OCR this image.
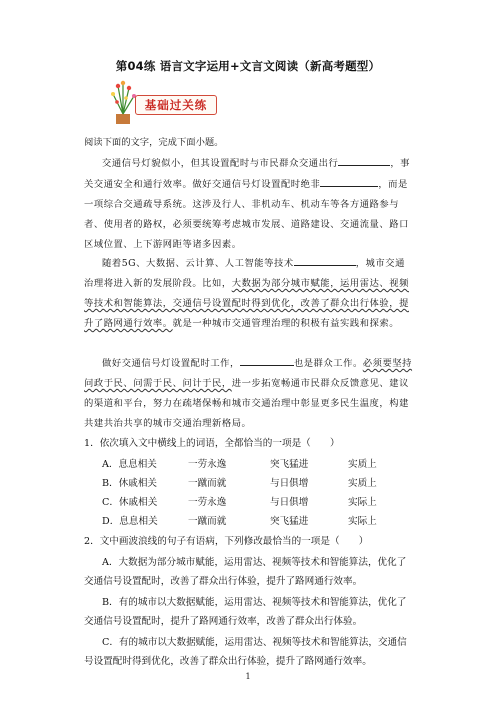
第04练 语言文字运用+文言文阅读（新高考题型）
基础过关练

阅读下面的文字，完成下面小题。

交通信号灯貌似小，但其设置配时与市民群众交通出行	，事关交通安全和通行效率。做好交通信号灯设置配时绝非	，而是一项综合交通疏导系统。这涉及行人、非机动车、机动车等各方通路参与者、使用者的路权，必须要统筹考虑城市发展、道路建设、交通流量、路口区域位置、上下游网距等诸多因素。

随着5G、大数据、云计算、人工智能等技术	，城市交通治理将进入新的发展阶段。比如，大数据为部分城市赋能，运用雷达、视频等技术和智能算法，交通信号设置配时得到优化，改善了群众出行体验，提升了路网通行效率。就是一种城市交通管理治理的积极有益实践和探索。

做好交通信号灯设置配时工作，	也是群众工作。必须要坚持问政于民、问需于民、问计于民，进一步拓宽畅通市民群众反馈意见、建议的渠道和平台，努力在疏堵保畅和城市交通治理中彰显更多民生温度，构建共建共治共享的城市交通治理新格局。

1．依次填入文中横线上的词语，全都恰当的一项是（　　）

A．息息相关	一劳永逸	突飞猛进	实质上
B．休戚相关	一蹴而就	与日俱增	实质上
C．休戚相关	一劳永逸	与日俱增	实际上
D．息息相关	一蹴而就	突飞猛进	实际上

2．文中画波浪线的句子有语病，下列修改最恰当的一项是（　　）

A．大数据为部分城市赋能，运用雷达、视频等技术和智能算法，优化了交通信号设置配时，改善了群众出行体验，提升了路网通行效率。

B．有的城市以大数据赋能，运用雷达、视频等技术和智能算法，优化了交通信号设置配时，提升了路网通行效率，改善了群众出行体验。

C．有的城市以大数据赋能，运用雷达、视频等技术和智能算法，交通信号设置配时得到优化，改善了群众出行体验，提升了路网通行效率。

1
